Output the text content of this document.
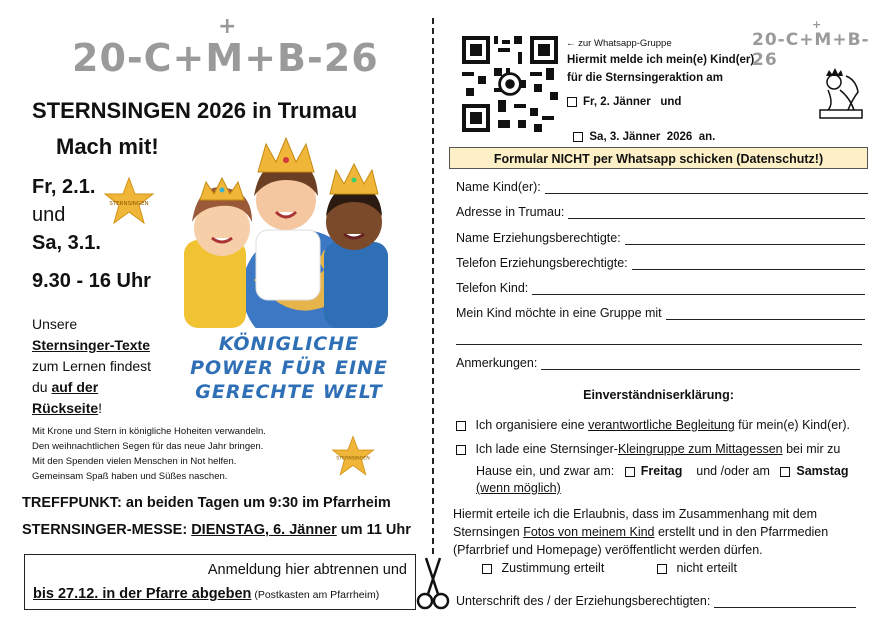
20-C+M+B-26
+
STERNSINGEN 2026 in Trumau
Mach mit!
Fr, 2.1.
und
Sa, 3.1.
9.30 - 16 Uhr
STERNSINGEN
Unsere
Sternsinger-Texte
zum Lernen findest
du auf der
Rückseite!
KÖNIGLICHE
POWER FÜR EINE
GERECHTE WELT
Mit Krone und Stern in königliche Hoheiten verwandeln.
Den weihnachtlichen Segen für das neue Jahr bringen.
Mit den Spenden vielen Menschen in Not helfen.
Gemeinsam Spaß haben und Süßes naschen.
STERNSINGEN
TREFFPUNKT: an beiden Tagen um 9:30 im Pfarrheim
STERNSINGER-MESSE: DIENSTAG, 6. Jänner um 11 Uhr
Anmeldung hier abtrennen und
bis 27.12. in der Pfarre abgeben (Postkasten am Pfarrheim)
← zur Whatsapp-Gruppe
Hiermit melde ich mein(e) Kind(er)
für die Sternsingeraktion am
Fr, 2. Jänner und

Sa, 3. Jänner  2026  an.

20-C+M+B-26
+
Formular NICHT per Whatsapp schicken (Datenschutz!)
Name Kind(er):
Adresse in Trumau:
Name Erziehungsberechtigte:
Telefon Erziehungsberechtigte:
Telefon Kind:
Mein Kind möchte in eine Gruppe mit
Anmerkungen:
Einverständniserklärung:
Ich organisiere eine verantwortliche Begleitung für mein(e) Kind(er).
Ich lade eine Sternsinger-Kleingruppe zum Mittagessen bei mir zu
Hause ein, und zwar am: Freitag und /oder am Samstag
(wenn möglich)
Hiermit erteile ich die Erlaubnis, dass im Zusammenhang mit dem
Sternsingen Fotos von meinem Kind erstellt und in den Pfarrmedien
(Pfarrbrief und Homepage) veröffentlicht werden dürfen.
Zustimmung erteilt	nicht erteilt
Unterschrift des / der Erziehungsberechtigten:
